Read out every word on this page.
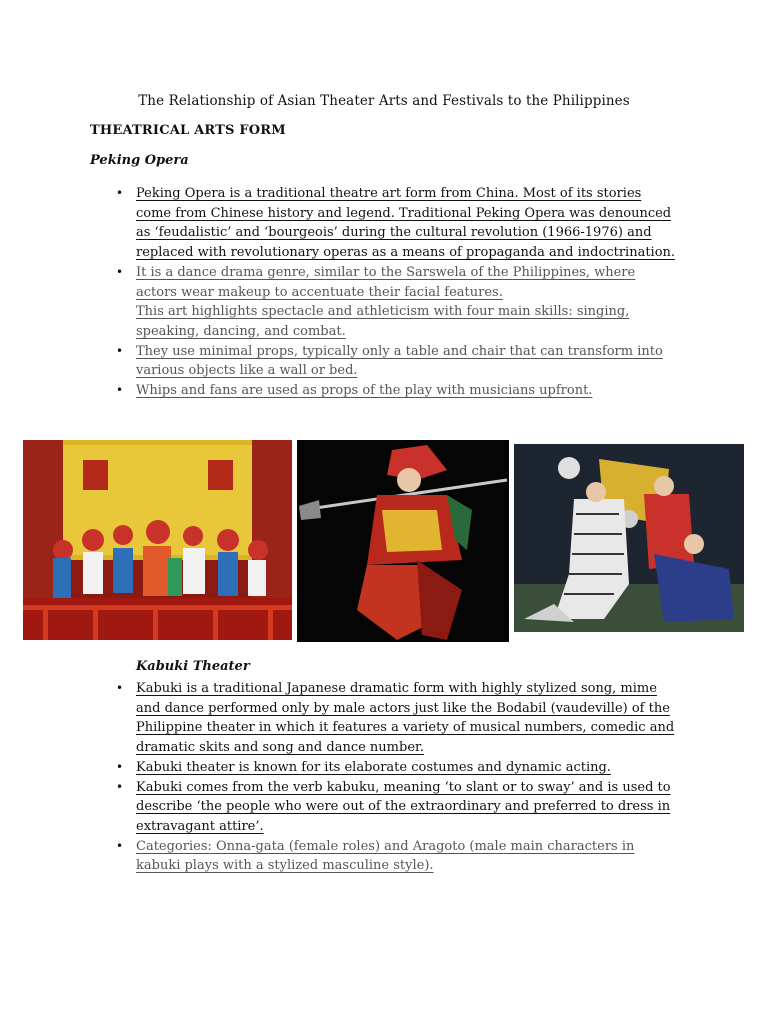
The Relationship of Asian Theater Arts and Festivals to the Philippines
THEATRICAL ARTS FORM
Peking Opera
• Peking Opera is a traditional theatre art form from China. Most of its stories come from Chinese history and legend. Traditional Peking Opera was denounced as ‘feudalistic’ and ‘bourgeois’ during the cultural revolution (1966-1976) and replaced with revolutionary operas as a means of propaganda and indoctrination.
• It is a dance drama genre, similar to the Sarswela of the Philippines, where actors wear makeup to accentuate their facial features.
This art highlights spectacle and athleticism with four main skills: singing, speaking, dancing, and combat.
• They use minimal props, typically only a table and chair that can transform into various objects like a wall or bed.
• Whips and fans are used as props of the play with musicians upfront.
Kabuki Theater
• Kabuki is a traditional Japanese dramatic form with highly stylized song, mime and dance performed only by male actors just like the Bodabil (vaudeville) of the Philippine theater in which it features a variety of musical numbers, comedic and dramatic skits and song and dance number.
• Kabuki theater is known for its elaborate costumes and dynamic acting.
• Kabuki comes from the verb kabuku, meaning ‘to slant or to sway’ and is used to describe ‘the people who were out of the extraordinary and preferred to dress in extravagant attire’.
• Categories: Onna-gata (female roles) and Aragoto (male main characters in kabuki plays with a stylized masculine style).
